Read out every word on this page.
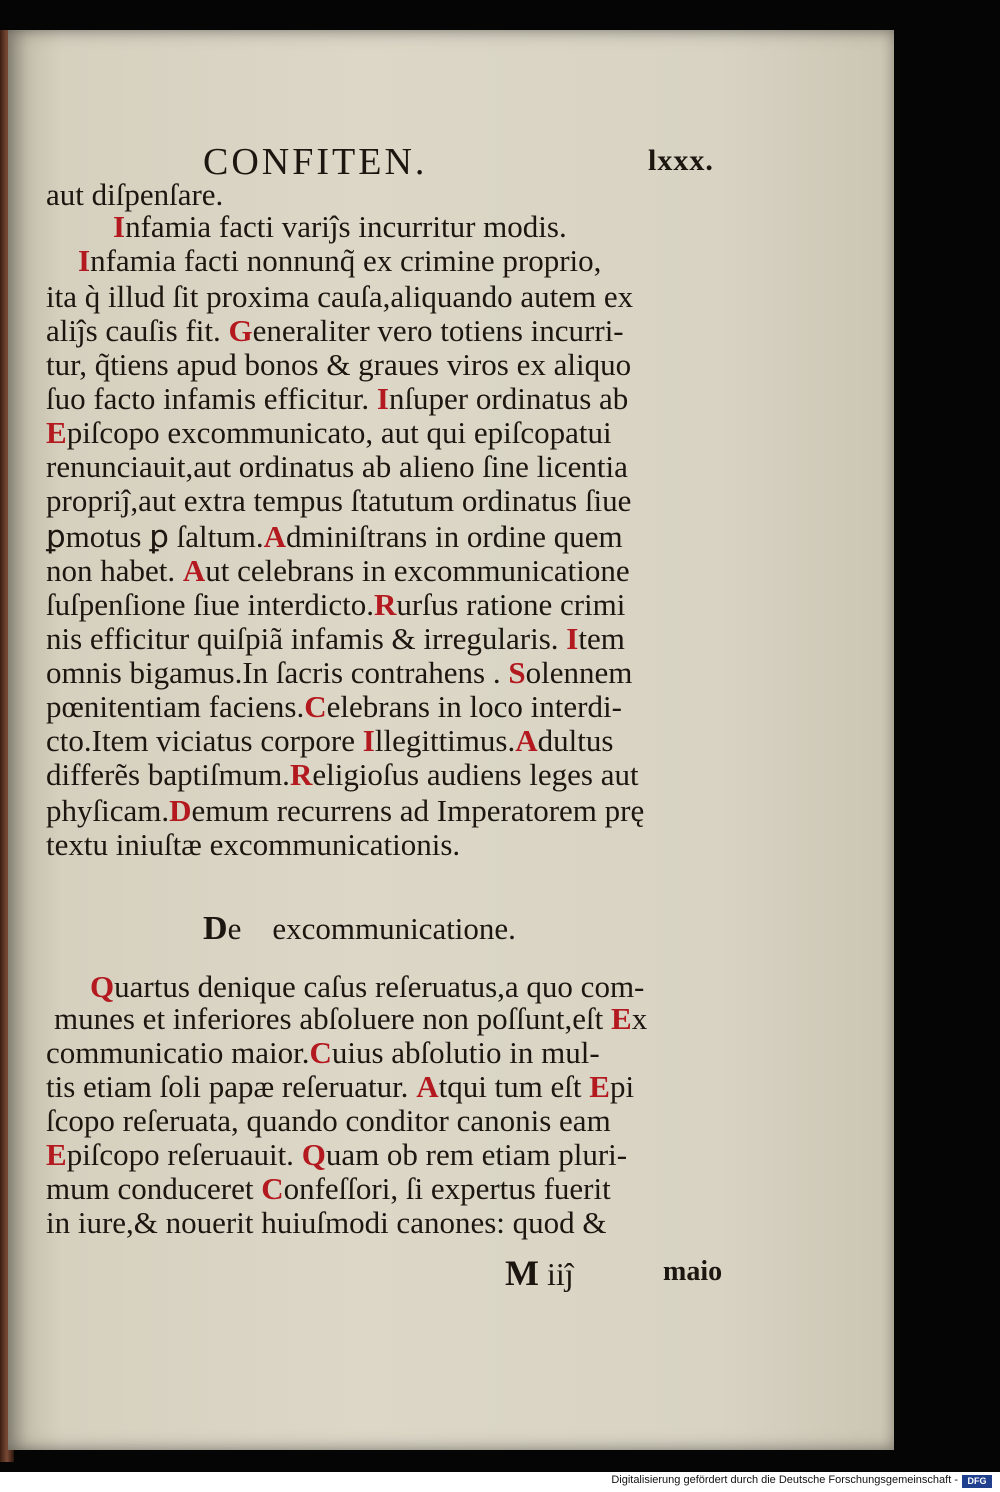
CONFITEN.	lxxx.
aut diſpenſare.
Infamia facti variĵs incurritur modis.
Infamia facti nonnunq̃ ex crimine proprio,
ita q̀ illud ſit proxima cauſa,aliquando autem ex
aliĵs cauſis fit. Generaliter vero totiens incurri-
tur, q̃tiens apud bonos & graues viros ex aliquo
ſuo facto infamis efficitur. Inſuper ordinatus ab
Epiſcopo excommunicato, aut qui epiſcopatui
renunciauit,aut ordinatus ab alieno ſine licentia
propriĵ,aut extra tempus ſtatutum ordinatus ſiue
ꝑmotus ꝑ ſaltum.Adminiſtrans in ordine quem
non habet. Aut celebrans in excommunicatione
ſuſpenſione ſiue interdicto.Rurſus ratione crimi
nis efficitur quiſpiã infamis & irregularis. Item
omnis bigamus.In ſacris contrahens . Solennem
pœnitentiam faciens.Celebrans in loco interdi-
cto.Item viciatus corpore Illegittimus.Adultus
differẽs baptiſmum.Religioſus audiens leges aut
phyſicam.Demum recurrens ad Imperatorem prę
textu iniuſtæ excommunicationis.
Quartus denique caſus reſeruatus,a quo com-
munes et inferiores abſoluere non poſſunt,eſt Ex
communicatio maior.Cuius abſolutio in mul-
tis etiam ſoli papæ reſeruatur. Atqui tum eſt Epi
ſcopo reſeruata, quando conditor canonis eam
Epiſcopo reſeruauit. Quam ob rem etiam pluri-
mum conduceret Confeſſori, ſi expertus fuerit
in iure,& nouerit huiuſmodi canones: quod &
De    excommunicatione.
M iiĵ	maio
Digitalisierung gefördert durch die Deutsche Forschungsgemeinschaft -	DFG
